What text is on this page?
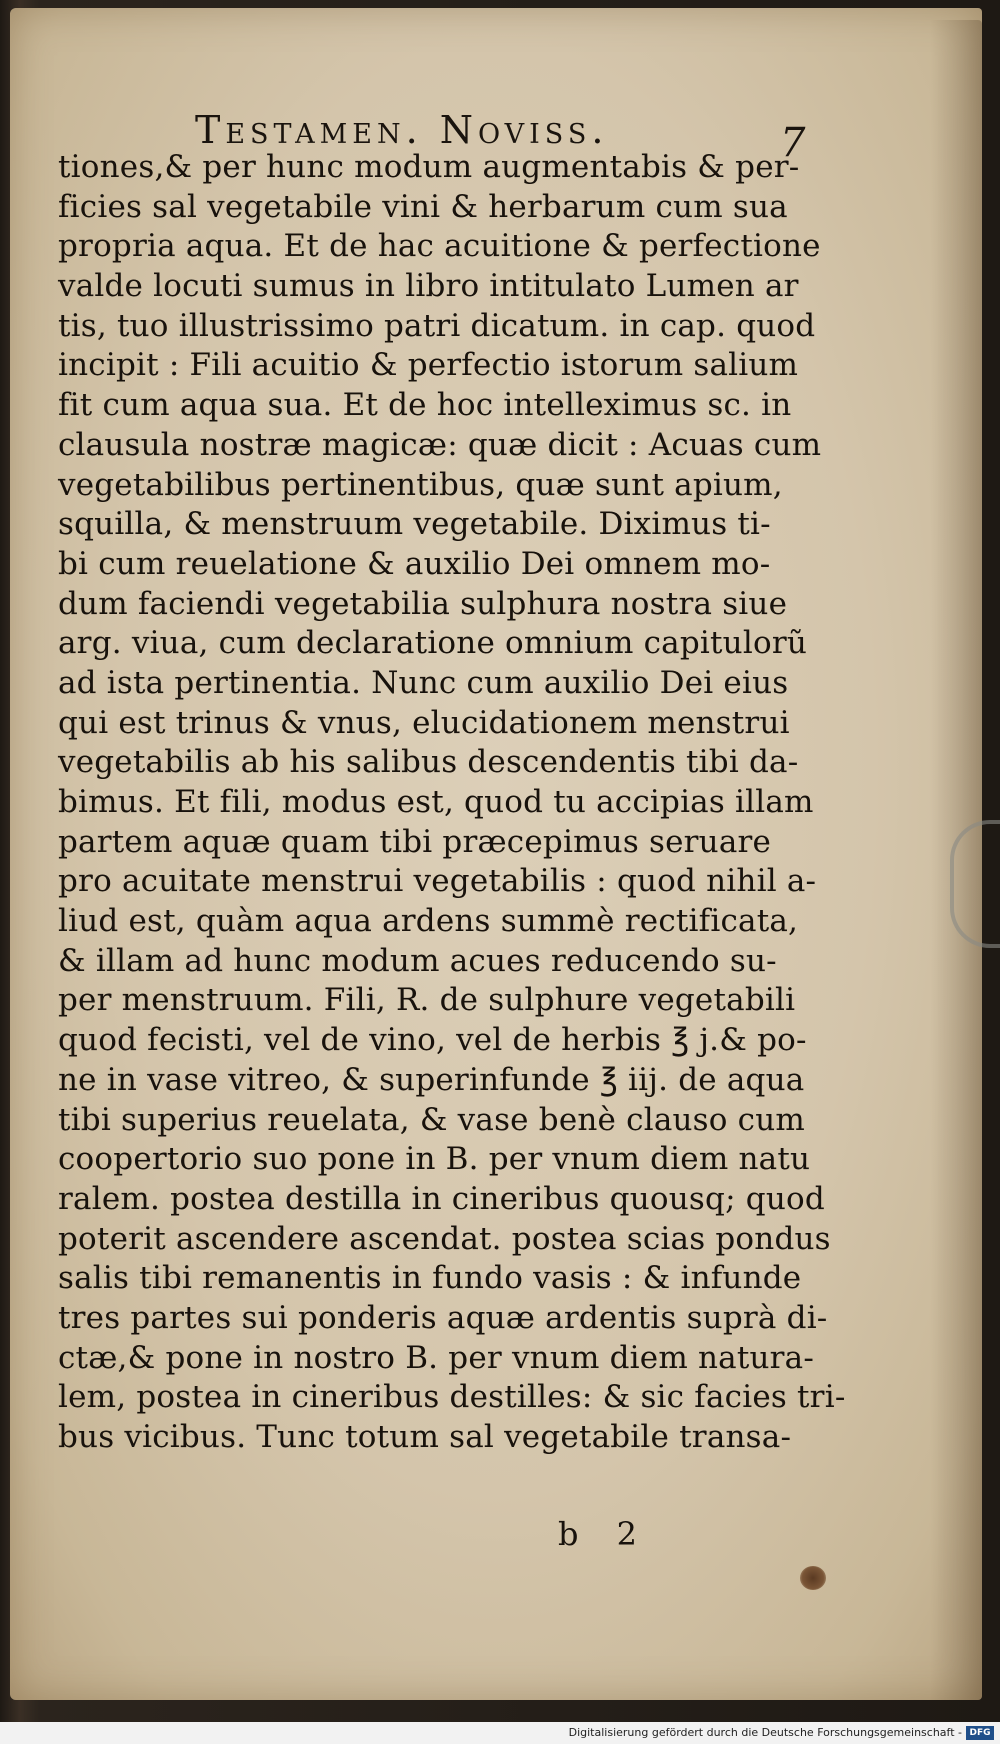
Testamen. Noviss.	7
tiones,& per hunc modum augmentabis & per-
ficies sal vegetabile vini & herbarum cum sua
propria aqua. Et de hac acuitione & perfectione
valde locuti sumus in libro intitulato Lumen ar
tis, tuo illustrissimo patri dicatum. in cap. quod
incipit : Fili acuitio & perfectio istorum salium
fit cum aqua sua. Et de hoc intelleximus sc. in
clausula nostræ magicæ: quæ dicit : Acuas cum
vegetabilibus pertinentibus, quæ sunt apium,
squilla, & menstruum vegetabile. Diximus ti-
bi cum reuelatione & auxilio Dei omnem mo-
dum faciendi vegetabilia sulphura nostra siue
arg. viua, cum declaratione omnium capitulorũ
ad ista pertinentia. Nunc cum auxilio Dei eius
qui est trinus & vnus, elucidationem menstrui
vegetabilis ab his salibus descendentis tibi da-
bimus. Et fili, modus est, quod tu accipias illam
partem aquæ quam tibi præcepimus seruare
pro acuitate menstrui vegetabilis : quod nihil a-
liud est, quàm aqua ardens summè rectificata,
& illam ad hunc modum acues reducendo su-
per menstruum. Fili, R. de sulphure vegetabili
quod fecisti, vel de vino, vel de herbis ℥ j.& po-
ne in vase vitreo, & superinfunde ℥ iij. de aqua
tibi superius reuelata, & vase benè clauso cum
coopertorio suo pone in B. per vnum diem natu
ralem. postea destilla in cineribus quousq; quod
poterit ascendere ascendat. postea scias pondus
salis tibi remanentis in fundo vasis : & infunde
tres partes sui ponderis aquæ ardentis suprà di-
ctæ,& pone in nostro B. per vnum diem natura-
lem, postea in cineribus destilles: & sic facies tri-
bus vicibus. Tunc totum sal vegetabile transa-
b 2
Digitalisierung gefördert durch die Deutsche Forschungsgemeinschaft - DFG
